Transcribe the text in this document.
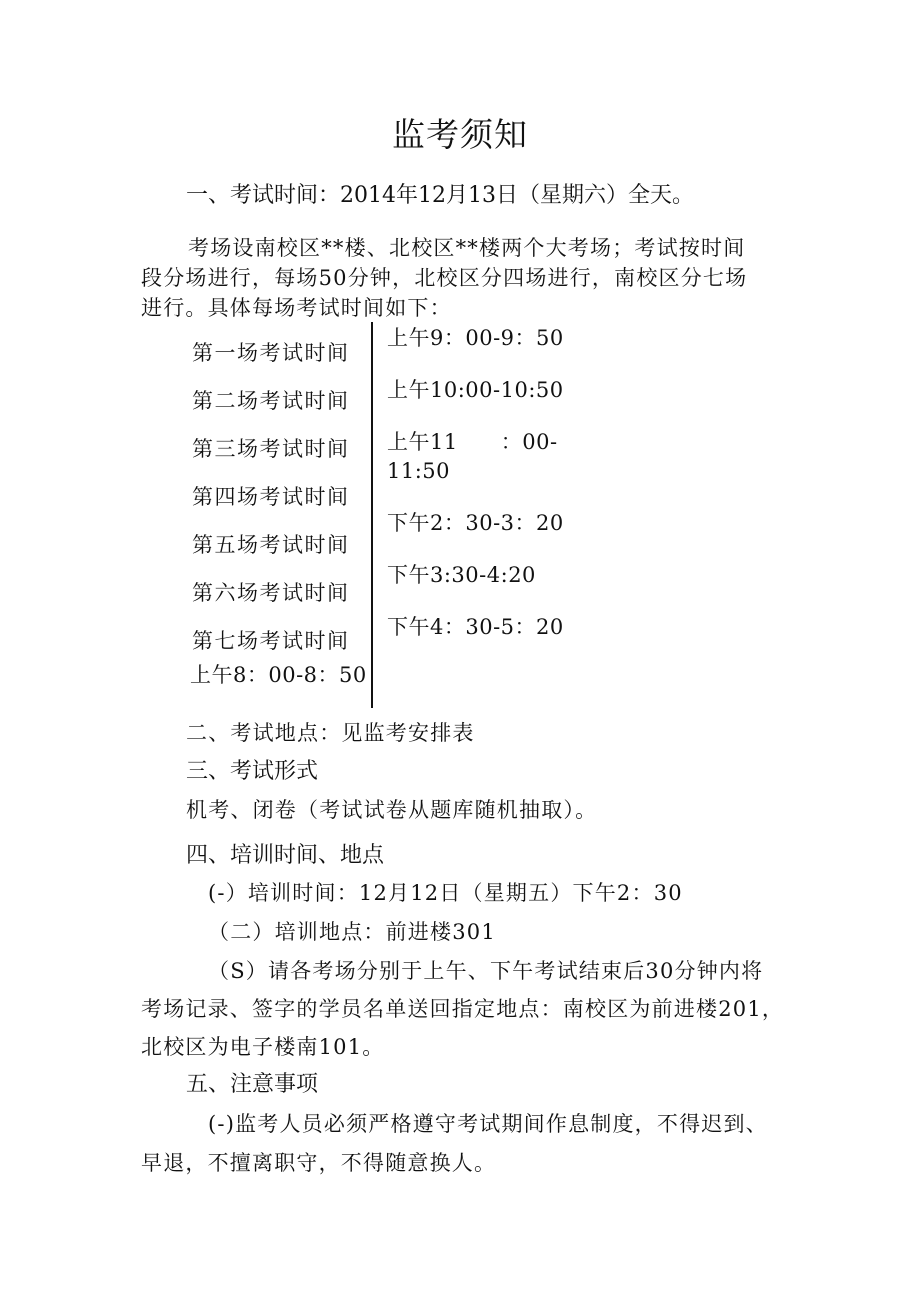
监考须知
一、考试时间：2014年12月13日（星期六）全天。
考场设南校区**楼、北校区**楼两个大考场；考试按时间
段分场进行，每场50分钟，北校区分四场进行，南校区分七场
进行。具体每场考试时间如下：
第一场考试时间
第二场考试时间
第三场考试时间
第四场考试时间
第五场考试时间
第六场考试时间
第七场考试时间
上午8：00-8：50
上午9：00-9：50
上午10:00-10:50
上午11　　：00-
11:50
下午2：30-3：20
下午3:30-4:20
下午4：30-5：20
二、考试地点：见监考安排表
三、考试形式
机考、闭卷（考试试卷从题库随机抽取）。
四、培训时间、地点
(-）培训时间：12月12日（星期五）下午2：30
（二）培训地点：前进楼301
（S）请各考场分别于上午、下午考试结束后30分钟内将
考场记录、签字的学员名单送回指定地点：南校区为前进楼201，
北校区为电子楼南101。
五、注意事项
(-)监考人员必须严格遵守考试期间作息制度，不得迟到、
早退，不擅离职守，不得随意换人。
